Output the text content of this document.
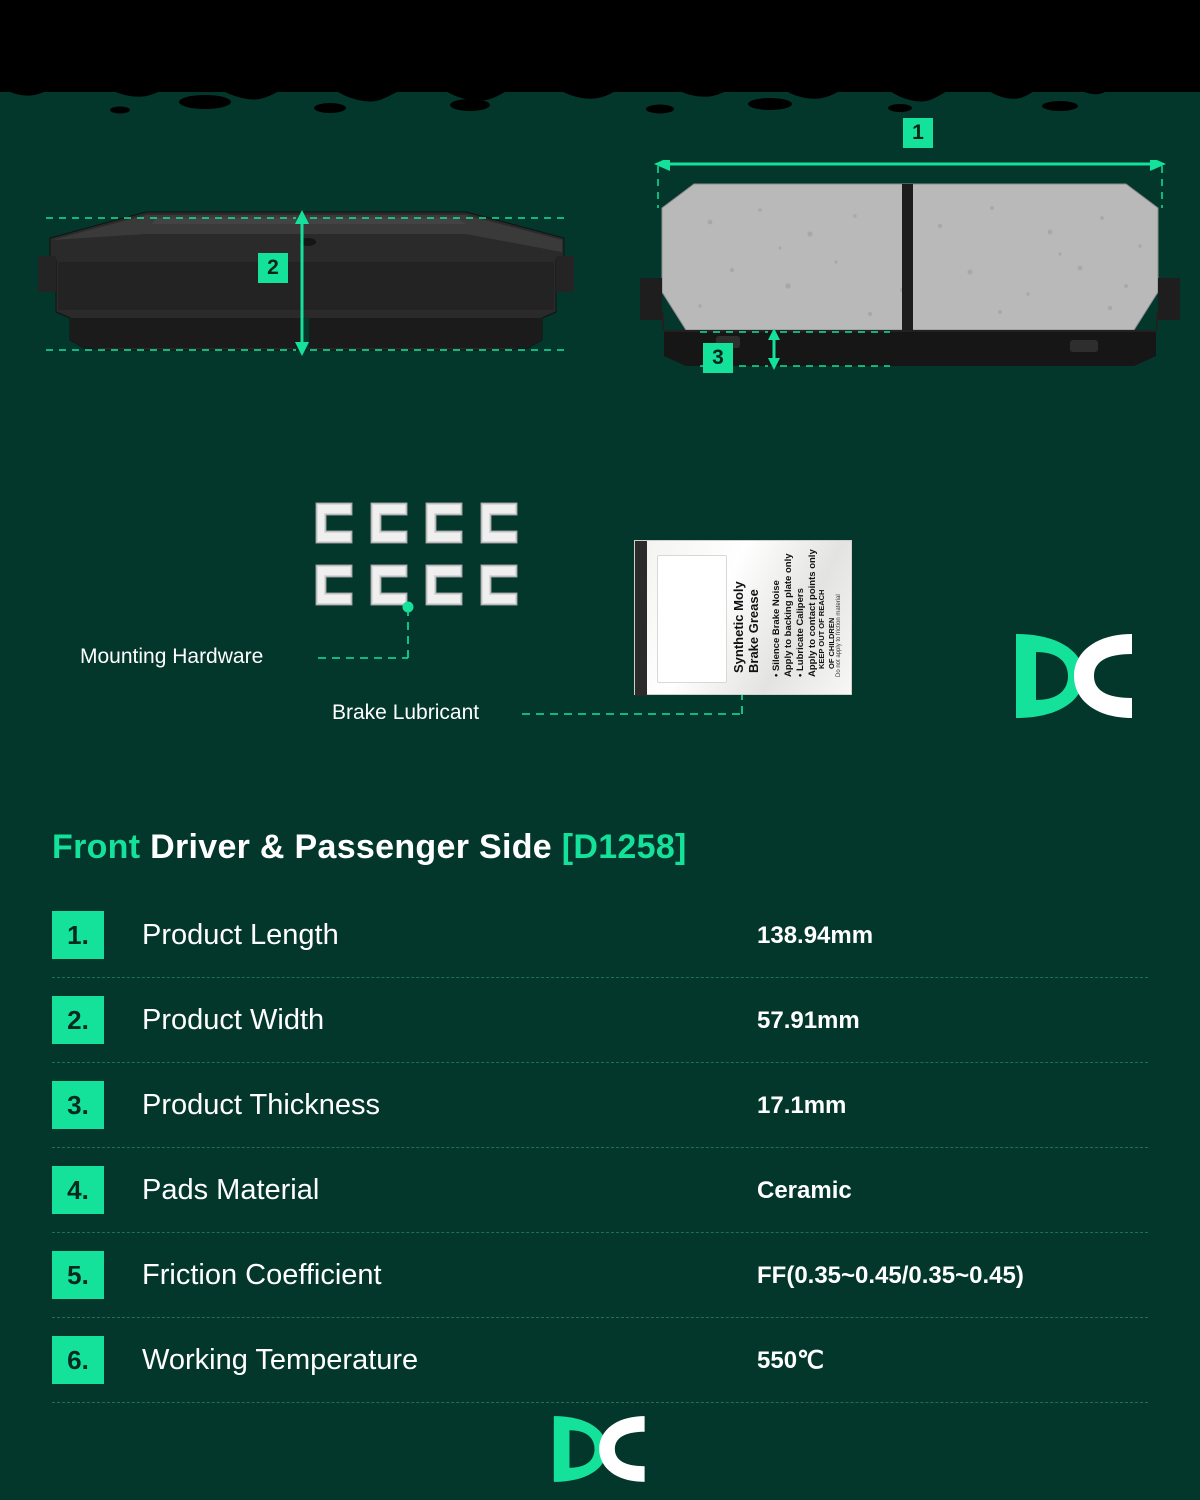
2
1
3
Mounting Hardware
Brake Lubricant
Synthetic Moly
Brake Grease • Silence Brake Noise
Apply to backing plate only
• Lubricate Calipers
Apply to contact points only KEEP OUT OF REACH
OF CHILDREN Do not apply to friction material
Front Driver & Passenger Side [D1258]
1.	Product Length	138.94mm
2.	Product Width	57.91mm
3.	Product Thickness	17.1mm
4.	Pads Material	Ceramic
5.	Friction Coefficient	FF(0.35~0.45/0.35~0.45)
6.	Working Temperature	550℃
